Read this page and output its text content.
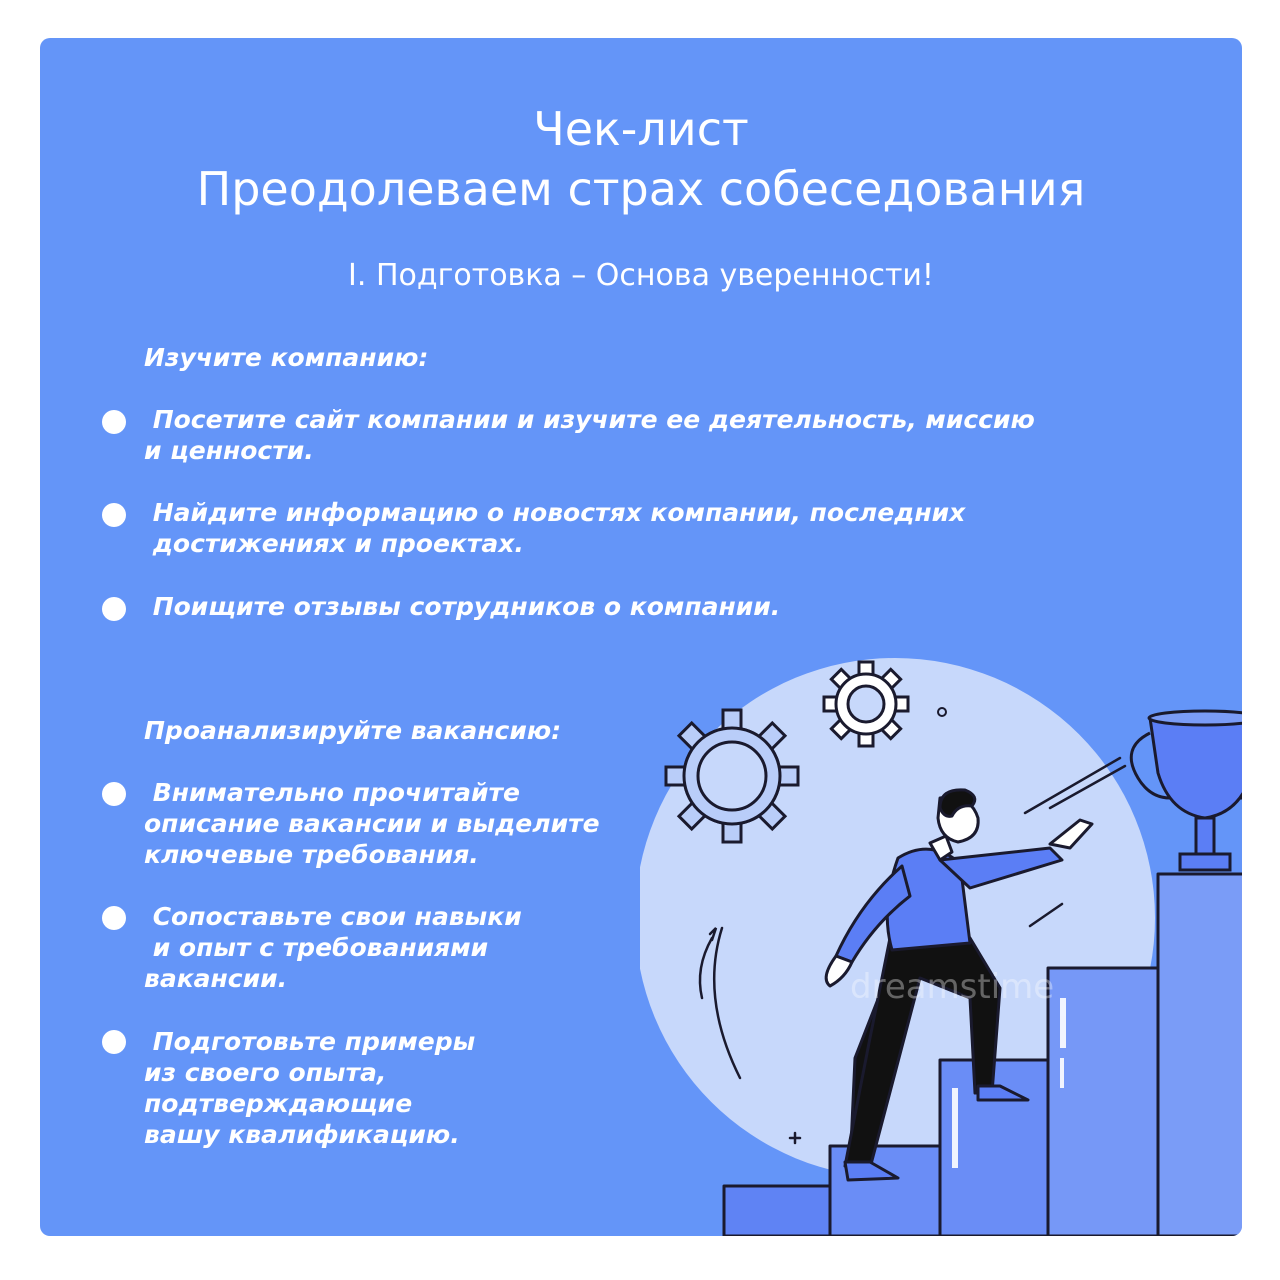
Чек-лист
Преодолеваем страх собеседования
I. Подготовка – Основа уверенности!
Изучите компанию:
Посетите сайт компании и изучите ее деятельность, миссию
и ценности.
Найдите информацию о новостях компании, последних
достижениях и проектах.
Поищите отзывы сотрудников о компании.
Проанализируйте вакансию:
Внимательно прочитайте
описание вакансии и выделите
ключевые требования.
Сопоставьте свои навыки
и опыт с требованиями
вакансии.
Подготовьте примеры
из своего опыта,
подтверждающие
вашу квалификацию.
dreamstime
